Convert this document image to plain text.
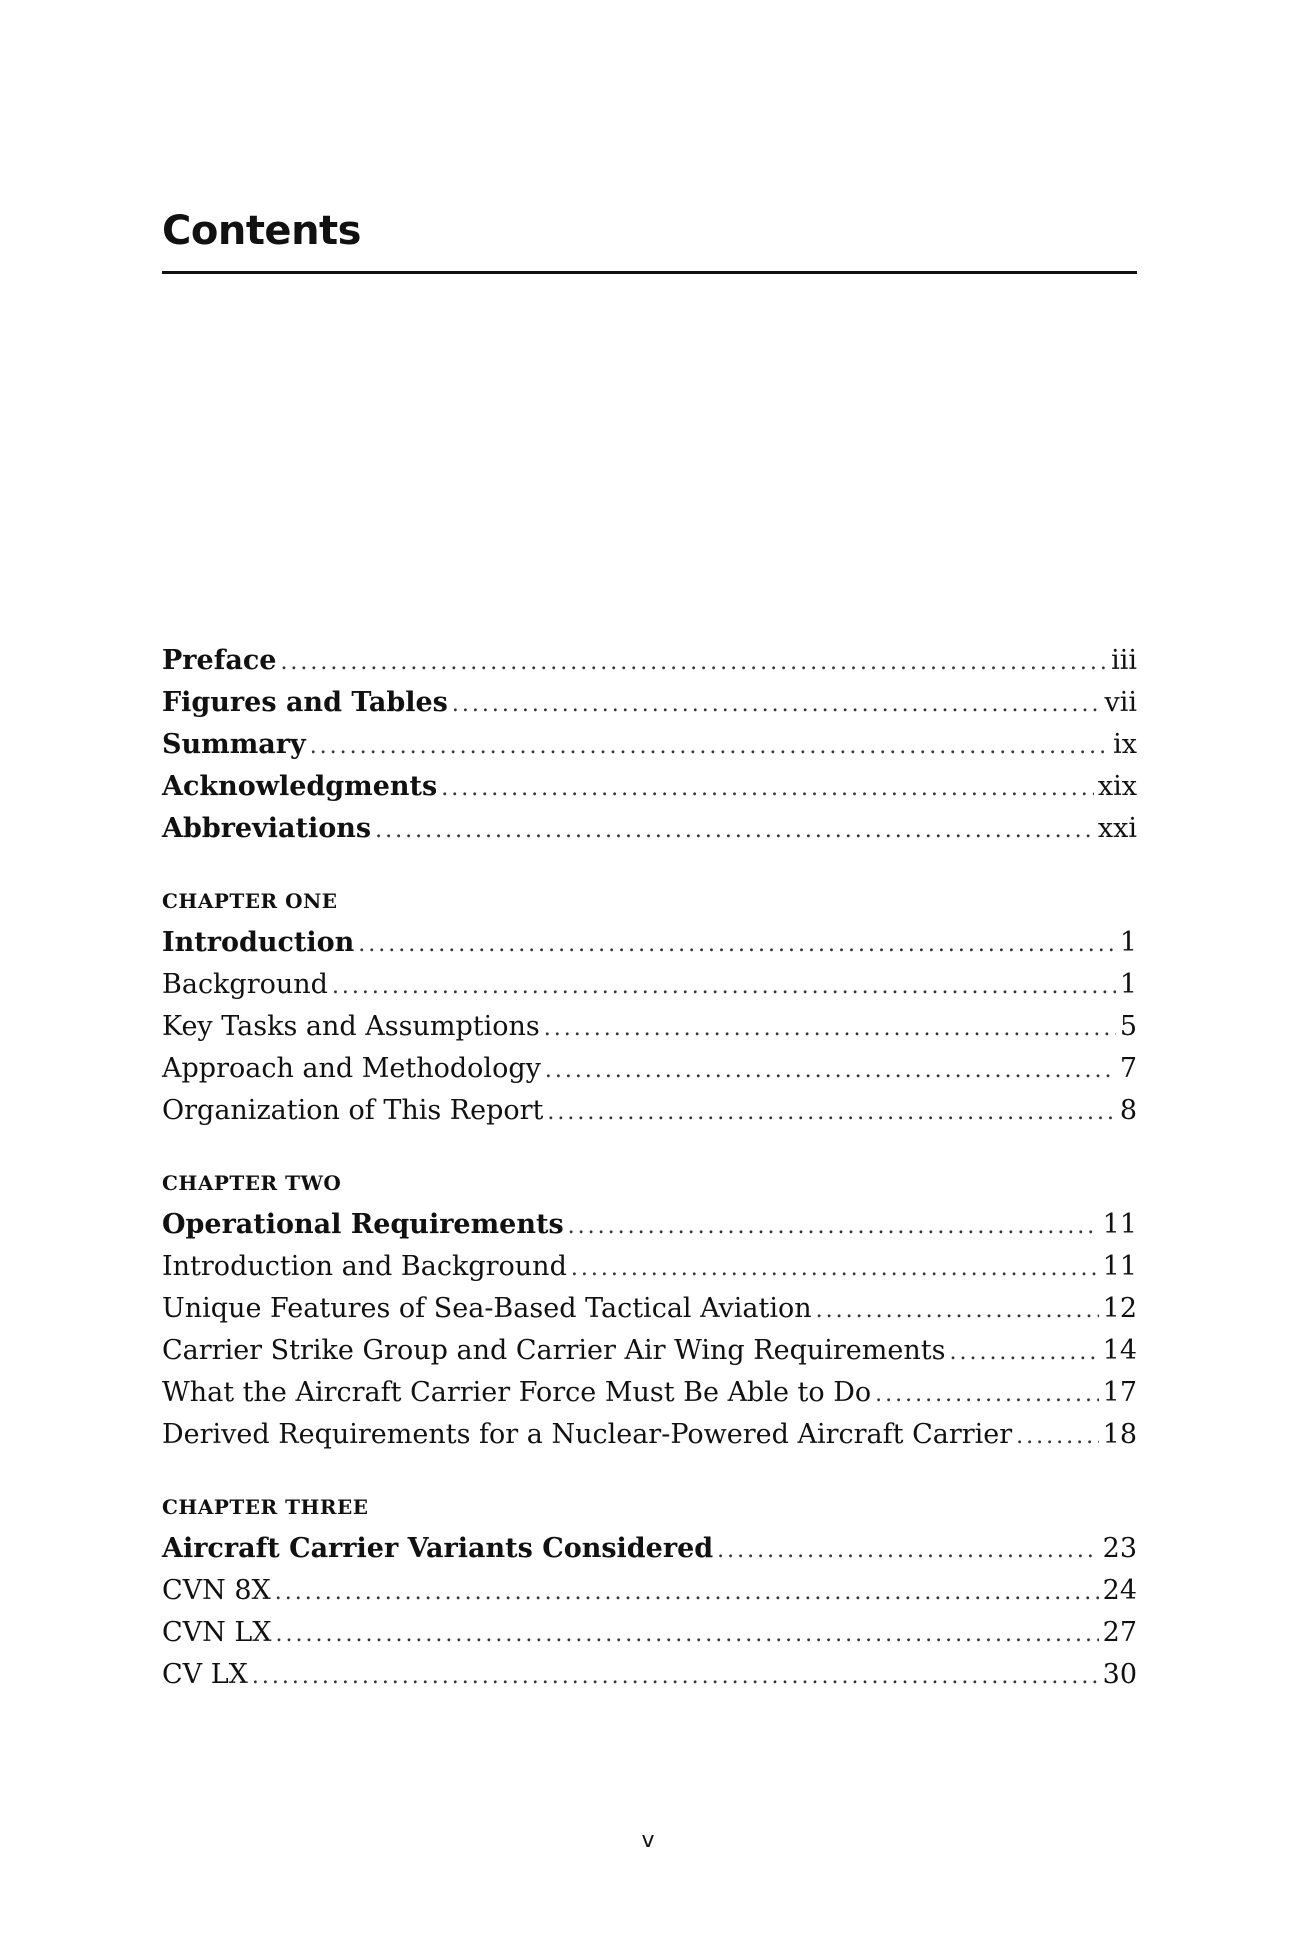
Contents
Preface .....	iii
Figures and Tables .....	vii
Summary .....	ix
Acknowledgments .....	xix
Abbreviations .....	xxi
CHAPTER ONE
Introduction .....	1
Background .....	1
Key Tasks and Assumptions .....	5
Approach and Methodology .....	7
Organization of This Report .....	8
CHAPTER TWO
Operational Requirements .....	11
Introduction and Background .....	11
Unique Features of Sea-Based Tactical Aviation .....	12
Carrier Strike Group and Carrier Air Wing Requirements .....	14
What the Aircraft Carrier Force Must Be Able to Do .....	17
Derived Requirements for a Nuclear-Powered Aircraft Carrier .....	18
CHAPTER THREE
Aircraft Carrier Variants Considered .....	23
CVN 8X .....	24
CVN LX .....	27
CV LX .....	30
v
